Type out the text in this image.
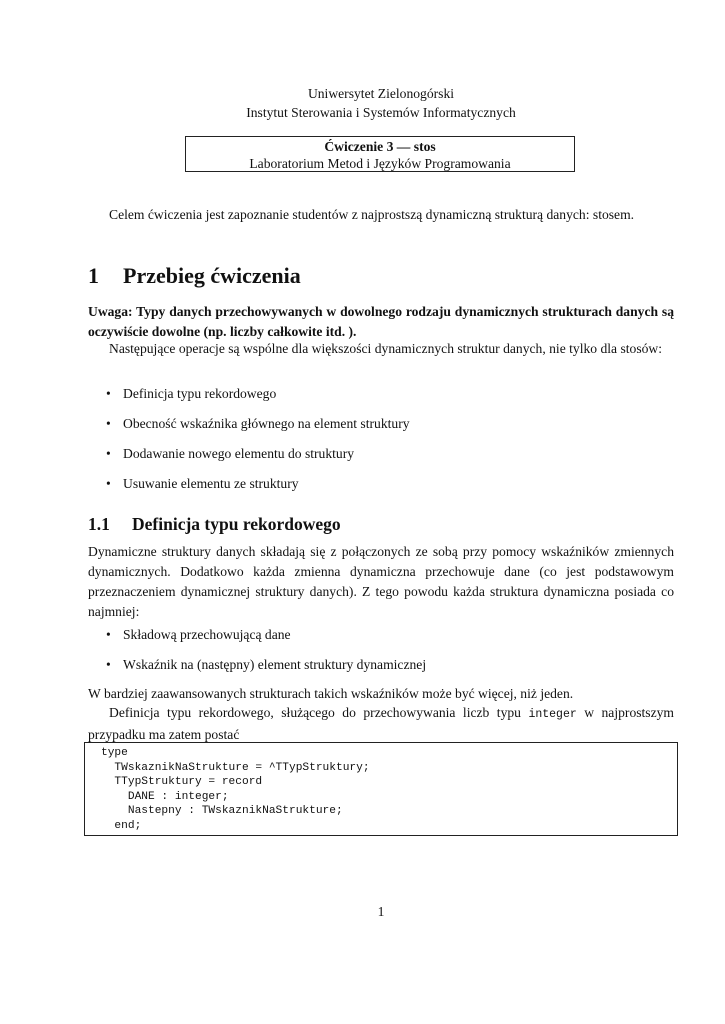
Uniwersytet Zielonogórski
Instytut Sterowania i Systemów Informatycznych
Ćwiczenie 3 — stos
Laboratorium Metod i Języków Programowania
Celem ćwiczenia jest zapoznanie studentów z najprostszą dynamiczną strukturą danych: stosem.
1 Przebieg ćwiczenia
Uwaga: Typy danych przechowywanych w dowolnego rodzaju dynamicznych strukturach danych są oczywiście dowolne (np. liczby całkowite itd. ).
Następujące operacje są wspólne dla większości dynamicznych struktur danych, nie tylko dla stosów:
• Definicja typu rekordowego
• Obecność wskaźnika głównego na element struktury
• Dodawanie nowego elementu do struktury
• Usuwanie elementu ze struktury
1.1 Definicja typu rekordowego
Dynamiczne struktury danych składają się z połączonych ze sobą przy pomocy wskaźników zmiennych dynamicznych. Dodatkowo każda zmienna dynamiczna przechowuje dane (co jest podstawowym przeznaczeniem dynamicznej struktury danych). Z tego powodu każda struktura dynamiczna posiada co najmniej:
• Składową przechowującą dane
• Wskaźnik na (następny) element struktury dynamicznej
W bardziej zaawansowanych strukturach takich wskaźników może być więcej, niż jeden.
Definicja typu rekordowego, służącego do przechowywania liczb typu integer w najprostszym przypadku ma zatem postać
type
TWskaznikNaStrukture = ^TTypStruktury;
TTypStruktury = record
DANE : integer;
Nastepny : TWskaznikNaStrukture;
end;
1
